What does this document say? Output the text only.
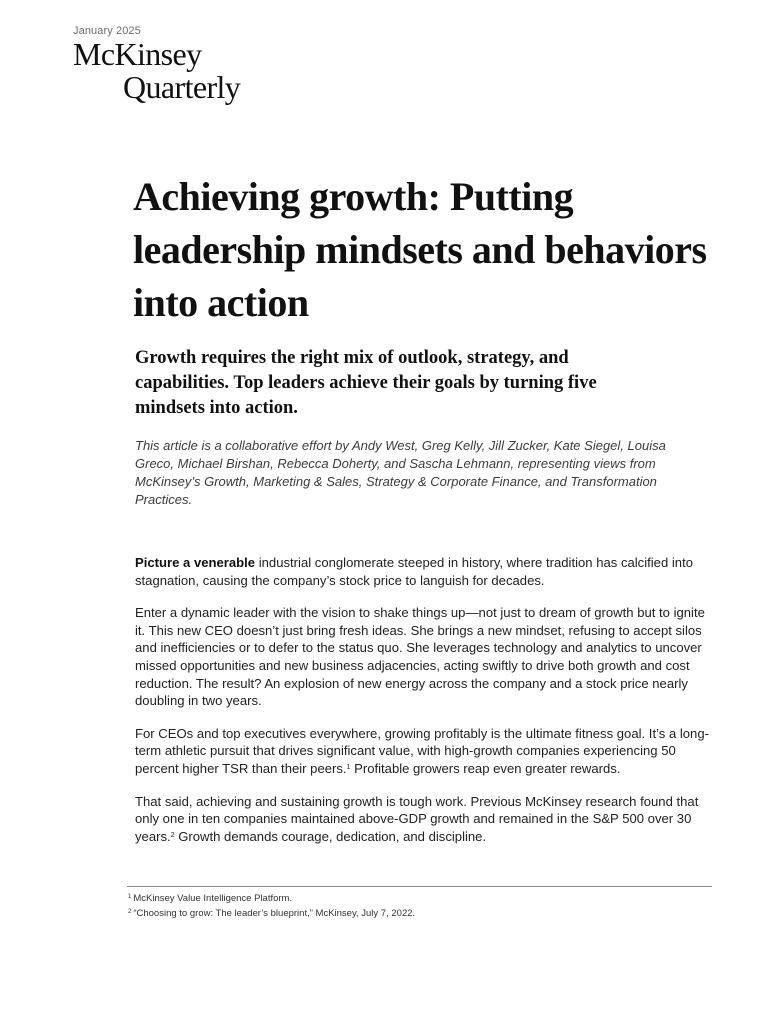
January 2025
McKinsey
Quarterly
Achieving growth: Putting leadership mindsets and behaviors into action

Growth requires the right mix of outlook, strategy, and capabilities. Top leaders achieve their goals by turning five mindsets into action.

This article is a collaborative effort by Andy West, Greg Kelly, Jill Zucker, Kate Siegel, Louisa Greco, Michael Birshan, Rebecca Doherty, and Sascha Lehmann, representing views from McKinsey’s Growth, Marketing & Sales, Strategy & Corporate Finance, and Transformation Practices.

Picture a venerable industrial conglomerate steeped in history, where tradition has calcified into stagnation, causing the company’s stock price to languish for decades.

Enter a dynamic leader with the vision to shake things up—not just to dream of growth but to ignite it. This new CEO doesn’t just bring fresh ideas. She brings a new mindset, refusing to accept silos and inefficiencies or to defer to the status quo. She leverages technology and analytics to uncover missed opportunities and new business adjacencies, acting swiftly to drive both growth and cost reduction. The result? An explosion of new energy across the company and a stock price nearly doubling in two years.

For CEOs and top executives everywhere, growing profitably is the ultimate fitness goal. It’s a long-term athletic pursuit that drives significant value, with high-growth companies experiencing 50 percent higher TSR than their peers.$^1$ Profitable growers reap even greater rewards.

That said, achieving and sustaining growth is tough work. Previous McKinsey research found that only one in ten companies maintained above-GDP growth and remained in the S&P 500 over 30 years.$^2$ Growth demands courage, dedication, and discipline.

$^1$ McKinsey Value Intelligence Platform.
$^2$ “Choosing to grow: The leader’s blueprint,” McKinsey, July 7, 2022.
